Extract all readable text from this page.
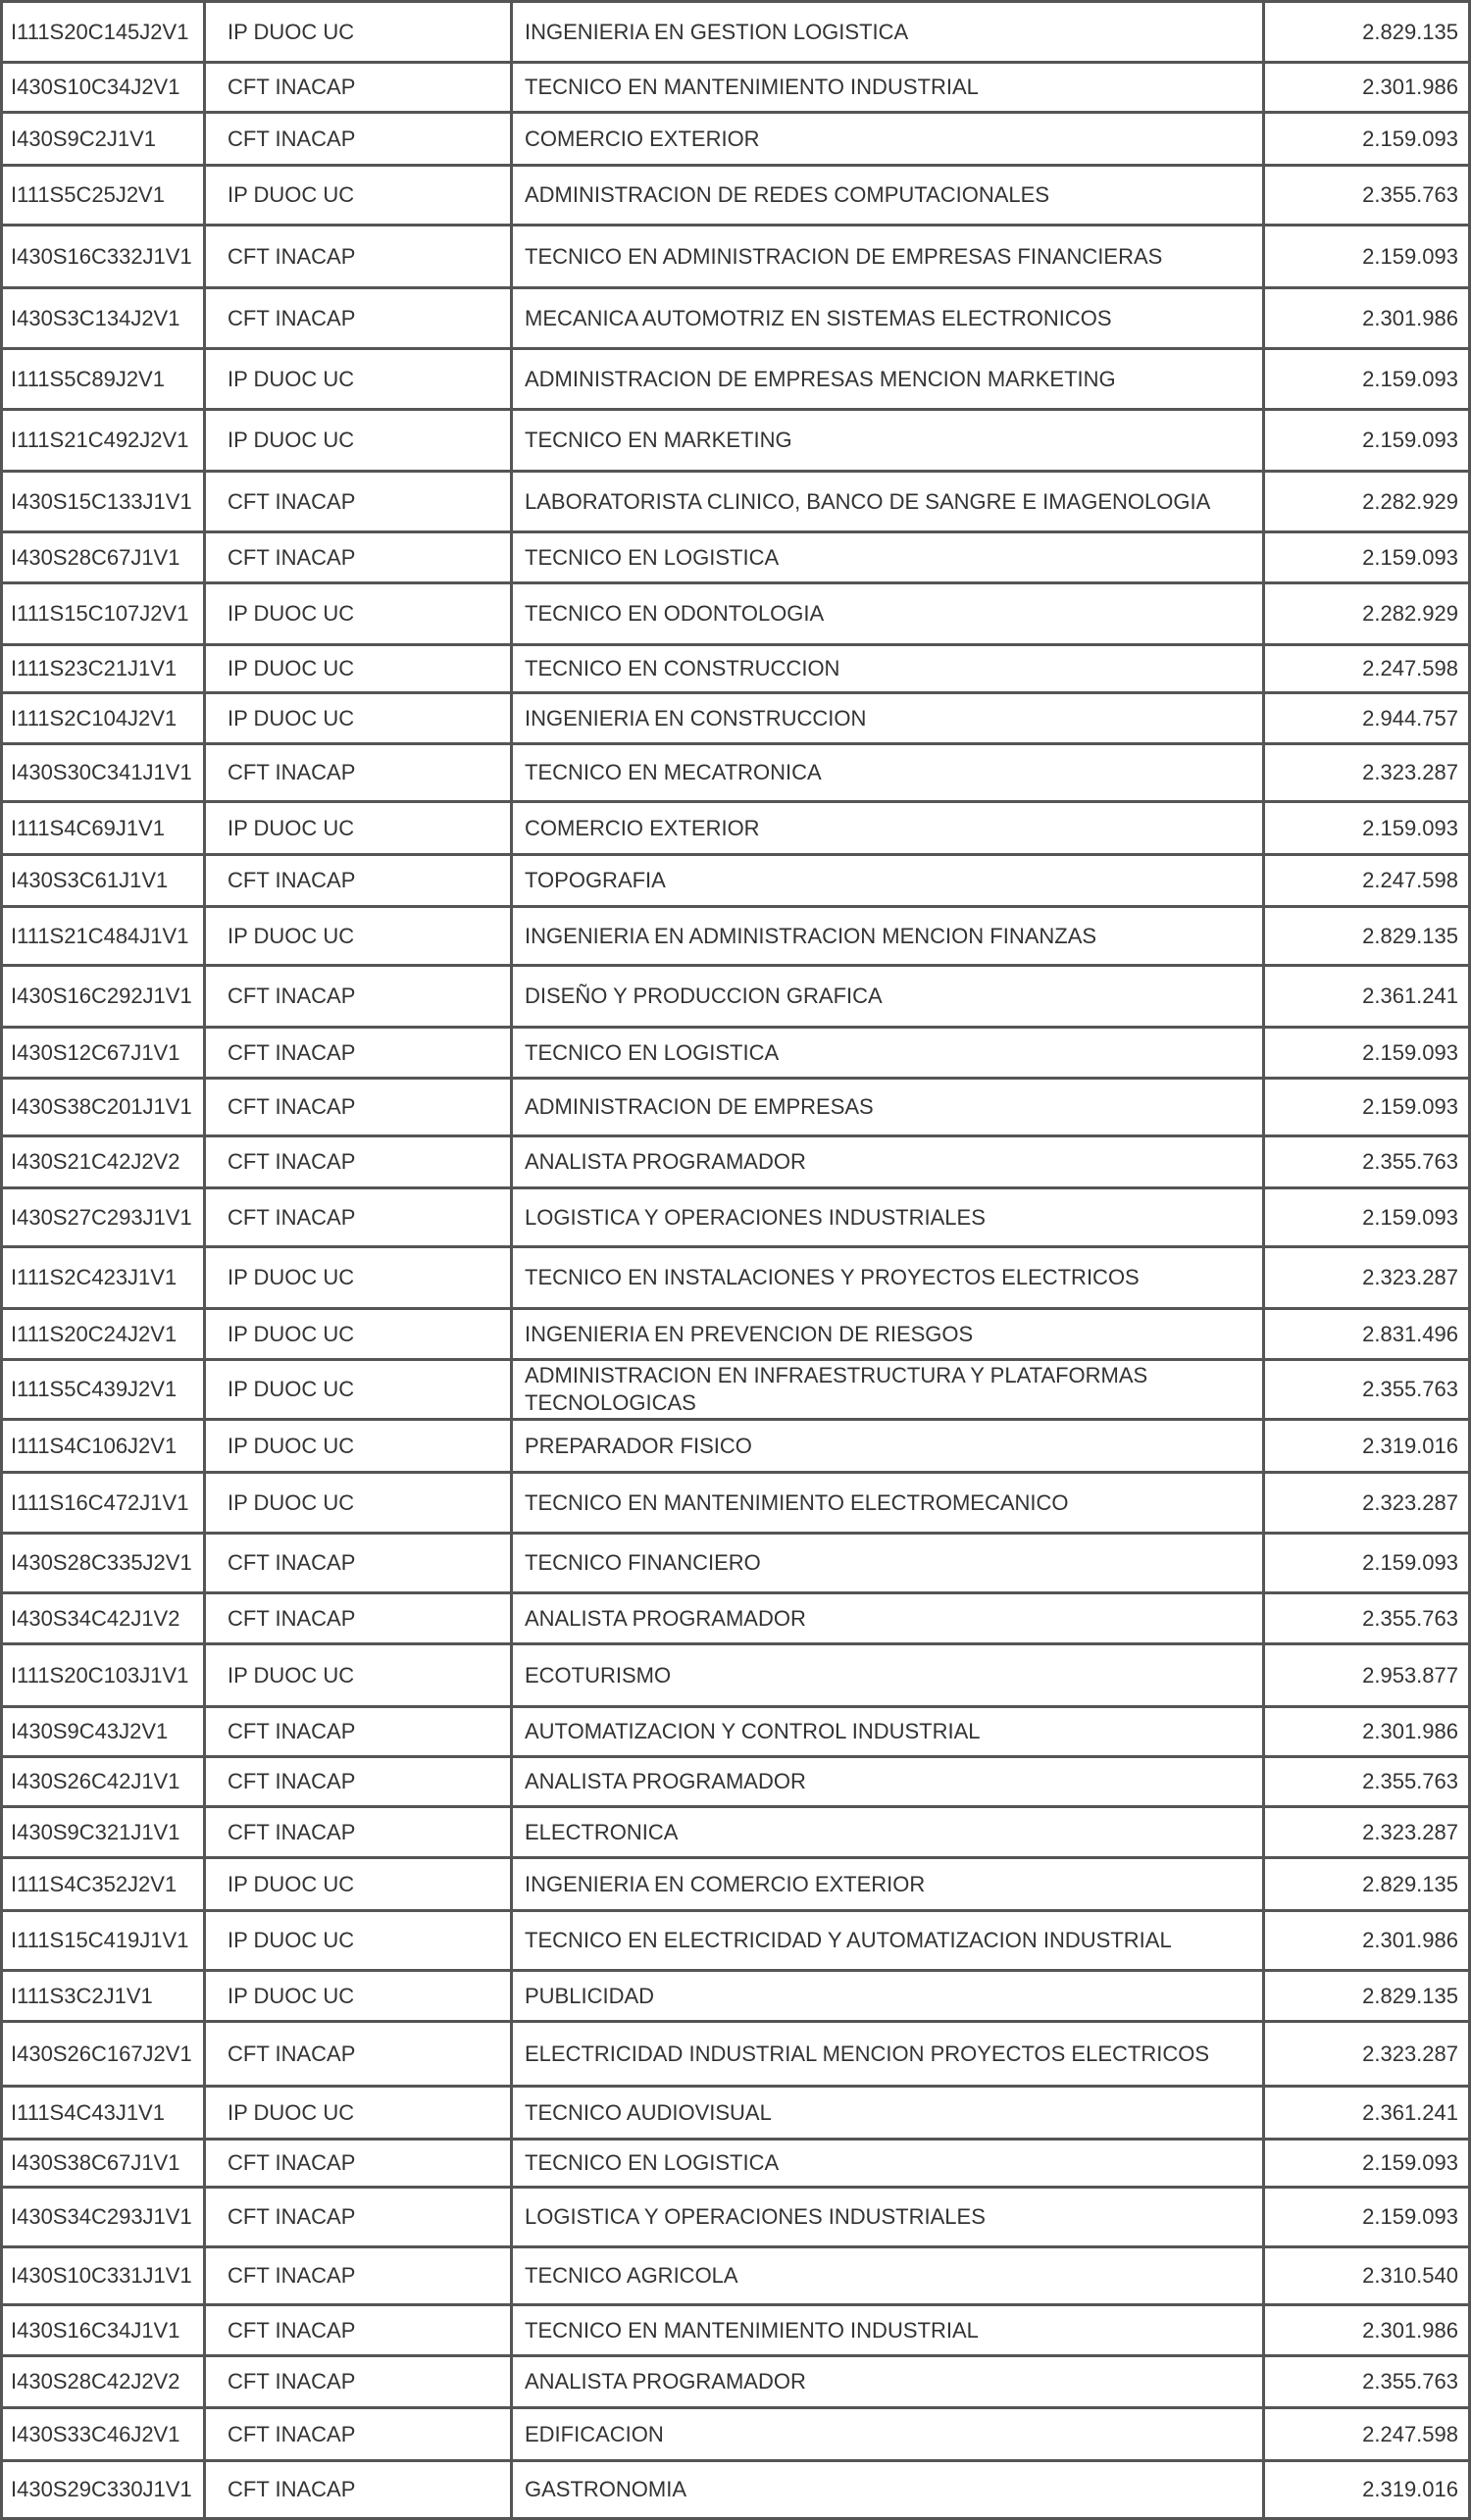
I111S20C145J2V1	IP DUOC UC	INGENIERIA EN GESTION LOGISTICA	2.829.135
I430S10C34J2V1	CFT INACAP	TECNICO EN MANTENIMIENTO INDUSTRIAL	2.301.986
I430S9C2J1V1	CFT INACAP	COMERCIO EXTERIOR	2.159.093
I111S5C25J2V1	IP DUOC UC	ADMINISTRACION DE REDES COMPUTACIONALES	2.355.763
I430S16C332J1V1	CFT INACAP	TECNICO EN ADMINISTRACION DE EMPRESAS FINANCIERAS	2.159.093
I430S3C134J2V1	CFT INACAP	MECANICA AUTOMOTRIZ EN SISTEMAS ELECTRONICOS	2.301.986
I111S5C89J2V1	IP DUOC UC	ADMINISTRACION DE EMPRESAS MENCION MARKETING	2.159.093
I111S21C492J2V1	IP DUOC UC	TECNICO EN MARKETING	2.159.093
I430S15C133J1V1	CFT INACAP	LABORATORISTA CLINICO, BANCO DE SANGRE E IMAGENOLOGIA	2.282.929
I430S28C67J1V1	CFT INACAP	TECNICO EN LOGISTICA	2.159.093
I111S15C107J2V1	IP DUOC UC	TECNICO EN ODONTOLOGIA	2.282.929
I111S23C21J1V1	IP DUOC UC	TECNICO EN CONSTRUCCION	2.247.598
I111S2C104J2V1	IP DUOC UC	INGENIERIA EN CONSTRUCCION	2.944.757
I430S30C341J1V1	CFT INACAP	TECNICO EN MECATRONICA	2.323.287
I111S4C69J1V1	IP DUOC UC	COMERCIO EXTERIOR	2.159.093
I430S3C61J1V1	CFT INACAP	TOPOGRAFIA	2.247.598
I111S21C484J1V1	IP DUOC UC	INGENIERIA EN ADMINISTRACION MENCION FINANZAS	2.829.135
I430S16C292J1V1	CFT INACAP	DISEÑO Y PRODUCCION GRAFICA	2.361.241
I430S12C67J1V1	CFT INACAP	TECNICO EN LOGISTICA	2.159.093
I430S38C201J1V1	CFT INACAP	ADMINISTRACION DE EMPRESAS	2.159.093
I430S21C42J2V2	CFT INACAP	ANALISTA PROGRAMADOR	2.355.763
I430S27C293J1V1	CFT INACAP	LOGISTICA Y OPERACIONES INDUSTRIALES	2.159.093
I111S2C423J1V1	IP DUOC UC	TECNICO EN INSTALACIONES Y PROYECTOS ELECTRICOS	2.323.287
I111S20C24J2V1	IP DUOC UC	INGENIERIA EN PREVENCION DE RIESGOS	2.831.496
I111S5C439J2V1	IP DUOC UC	ADMINISTRACION EN INFRAESTRUCTURA Y PLATAFORMAS TECNOLOGICAS	2.355.763
I111S4C106J2V1	IP DUOC UC	PREPARADOR FISICO	2.319.016
I111S16C472J1V1	IP DUOC UC	TECNICO EN MANTENIMIENTO ELECTROMECANICO	2.323.287
I430S28C335J2V1	CFT INACAP	TECNICO FINANCIERO	2.159.093
I430S34C42J1V2	CFT INACAP	ANALISTA PROGRAMADOR	2.355.763
I111S20C103J1V1	IP DUOC UC	ECOTURISMO	2.953.877
I430S9C43J2V1	CFT INACAP	AUTOMATIZACION Y CONTROL INDUSTRIAL	2.301.986
I430S26C42J1V1	CFT INACAP	ANALISTA PROGRAMADOR	2.355.763
I430S9C321J1V1	CFT INACAP	ELECTRONICA	2.323.287
I111S4C352J2V1	IP DUOC UC	INGENIERIA EN COMERCIO EXTERIOR	2.829.135
I111S15C419J1V1	IP DUOC UC	TECNICO EN ELECTRICIDAD Y AUTOMATIZACION INDUSTRIAL	2.301.986
I111S3C2J1V1	IP DUOC UC	PUBLICIDAD	2.829.135
I430S26C167J2V1	CFT INACAP	ELECTRICIDAD INDUSTRIAL MENCION PROYECTOS ELECTRICOS	2.323.287
I111S4C43J1V1	IP DUOC UC	TECNICO AUDIOVISUAL	2.361.241
I430S38C67J1V1	CFT INACAP	TECNICO EN LOGISTICA	2.159.093
I430S34C293J1V1	CFT INACAP	LOGISTICA Y OPERACIONES INDUSTRIALES	2.159.093
I430S10C331J1V1	CFT INACAP	TECNICO AGRICOLA	2.310.540
I430S16C34J1V1	CFT INACAP	TECNICO EN MANTENIMIENTO INDUSTRIAL	2.301.986
I430S28C42J2V2	CFT INACAP	ANALISTA PROGRAMADOR	2.355.763
I430S33C46J2V1	CFT INACAP	EDIFICACION	2.247.598
I430S29C330J1V1	CFT INACAP	GASTRONOMIA	2.319.016
